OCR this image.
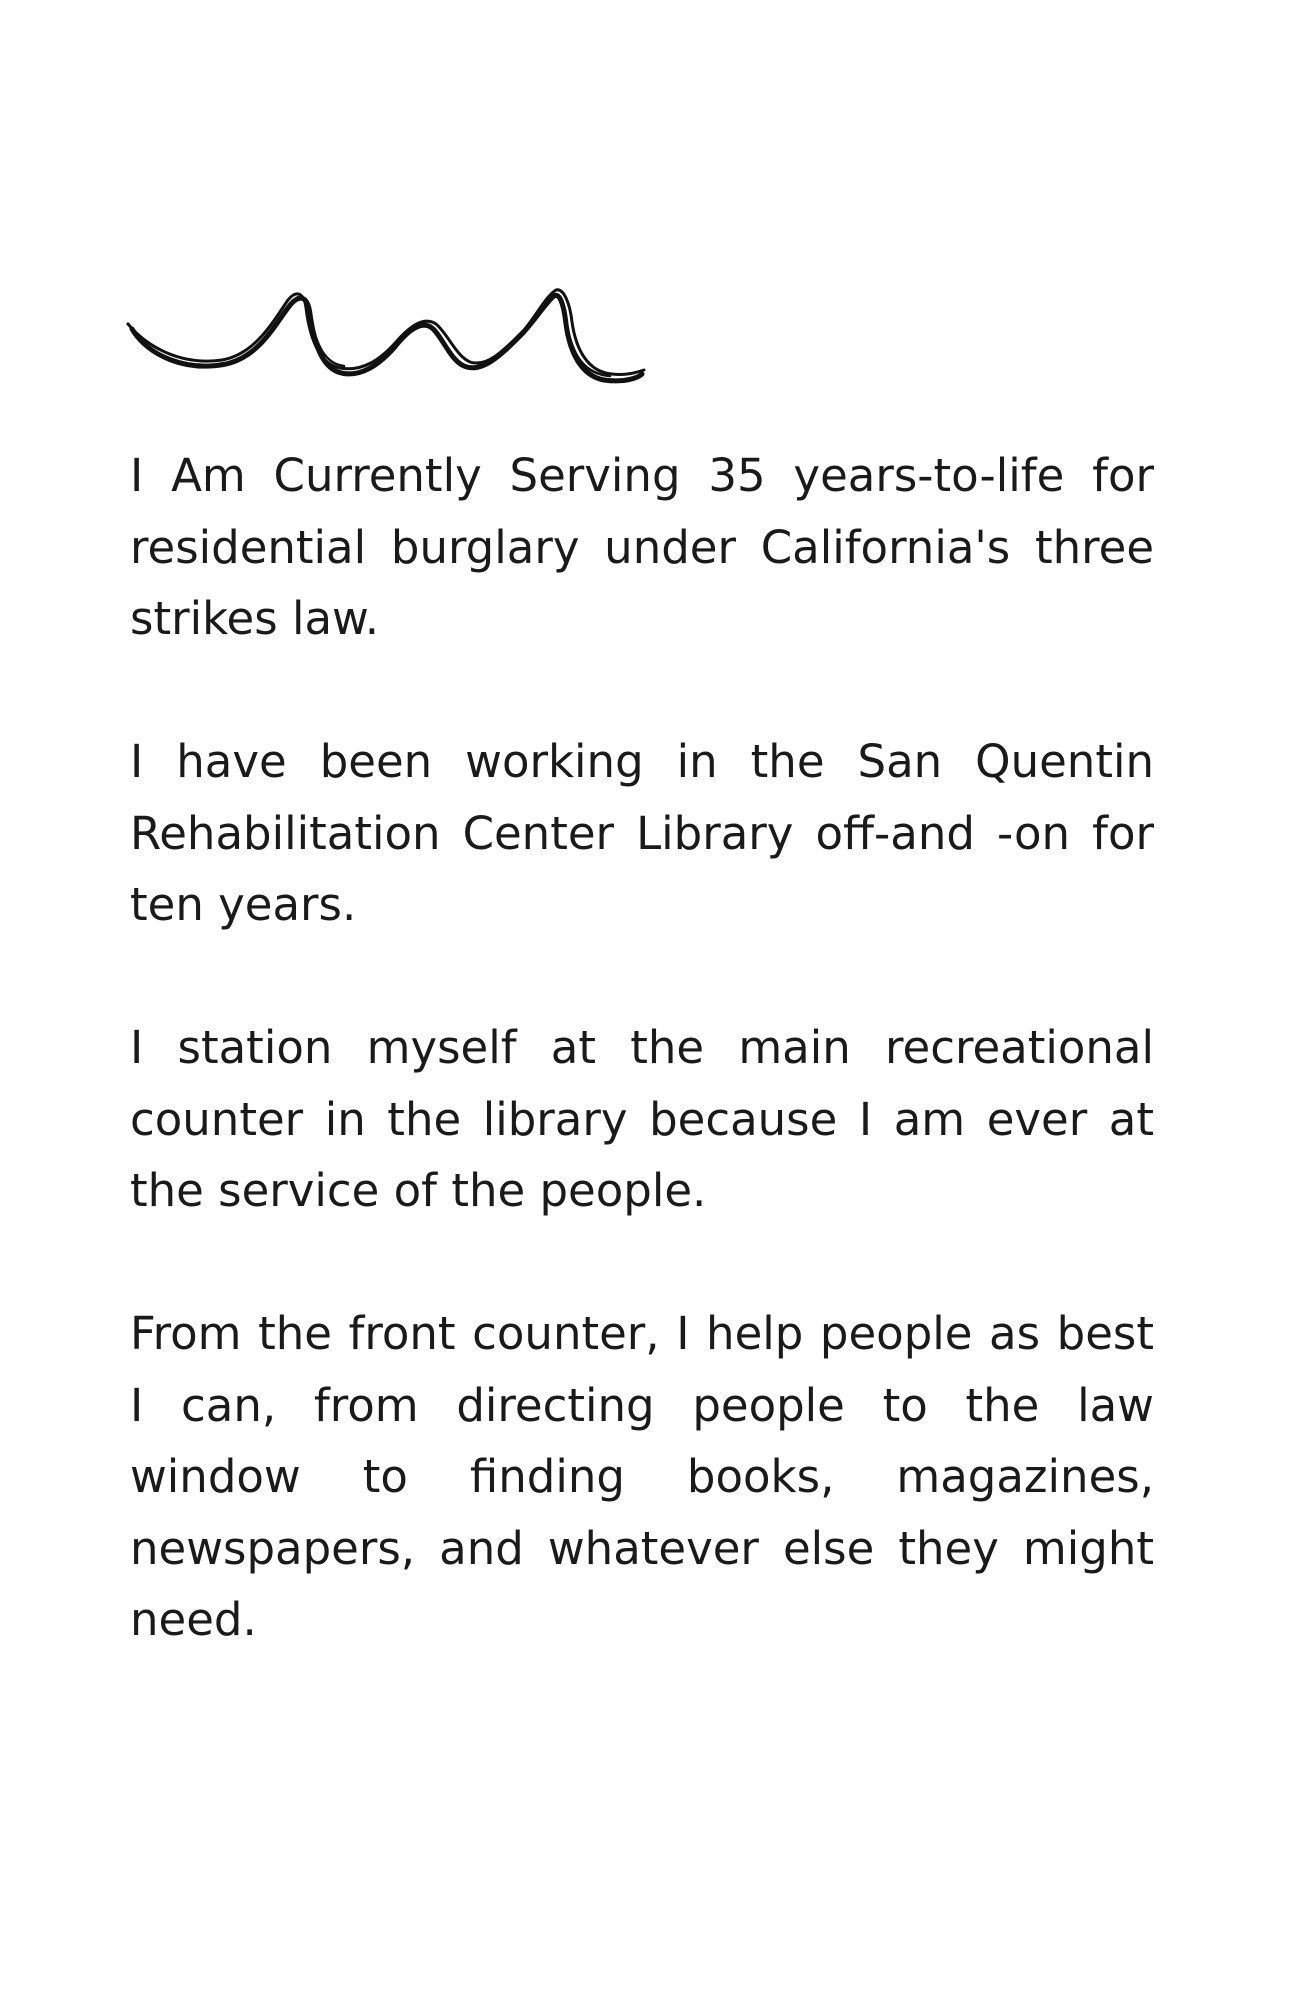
I Am Currently Serving 35 years-to-life for residential burglary under California's three strikes law.

I have been working in the San Quentin Rehabilitation Center Library off-and -on for ten years.

I station myself at the main recreational counter in the library because I am ever at the service of the people.

From the front counter, I help people as best I can, from directing people to the law window to finding books, magazines, newspapers, and whatever else they might need.
